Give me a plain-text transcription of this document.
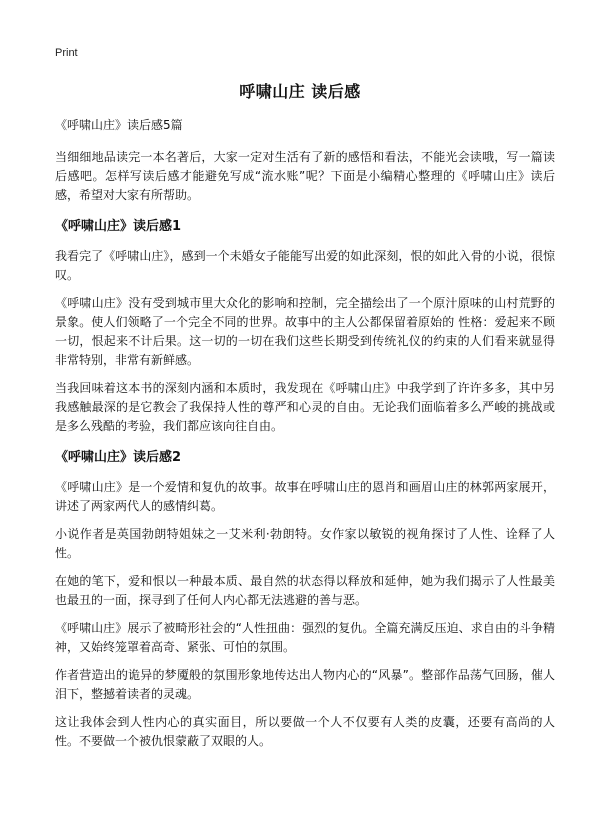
Print
呼啸山庄 读后感

《呼啸山庄》读后感5篇

当细细地品读完一本名著后，大家一定对生活有了新的感悟和看法，不能光会读哦，写一篇读后感吧。怎样写读后感才能避免写成“流水账”呢？下面是小编精心整理的《呼啸山庄》读后感，希望对大家有所帮助。

《呼啸山庄》读后感1

我看完了《呼啸山庄》，感到一个未婚女子能能写出爱的如此深刻，恨的如此入骨的小说，很惊叹。

《呼啸山庄》没有受到城市里大众化的影响和控制，完全描绘出了一个原汁原味的山村荒野的景象。使人们领略了一个完全不同的世界。故事中的主人公都保留着原始的 性格：爱起来不顾一切，恨起来不计后果。这一切的一切在我们这些长期受到传统礼仪的约束的人们看来就显得非常特别，非常有新鲜感。

当我回味着这本书的深刻内涵和本质时，我发现在《呼啸山庄》中我学到了许许多多，其中另我感触最深的是它教会了我保持人性的尊严和心灵的自由。无论我们面临着多么严峻的挑战或是多么残酷的考验，我们都应该向往自由。

《呼啸山庄》读后感2

《呼啸山庄》是一个爱情和复仇的故事。故事在呼啸山庄的恩肖和画眉山庄的林郭两家展开，讲述了两家两代人的感情纠葛。

小说作者是英国勃朗特姐妹之一艾米利·勃朗特。女作家以敏锐的视角探讨了人性、诠释了人性。

在她的笔下，爱和恨以一种最本质、最自然的状态得以释放和延伸，她为我们揭示了人性最美也最丑的一面，探寻到了任何人内心都无法逃避的善与恶。

《呼啸山庄》展示了被畸形社会的“人性扭曲：强烈的复仇。全篇充满反压迫、求自由的斗争精神，又始终笼罩着高奇、紧张、可怕的氛围。

作者营造出的诡异的梦魇般的氛围形象地传达出人物内心的“风暴”。整部作品荡气回肠，催人泪下，整撼着读者的灵魂。

这让我体会到人性内心的真实面目，所以要做一个人不仅要有人类的皮囊，还要有高尚的人性。不要做一个被仇恨蒙蔽了双眼的人。
